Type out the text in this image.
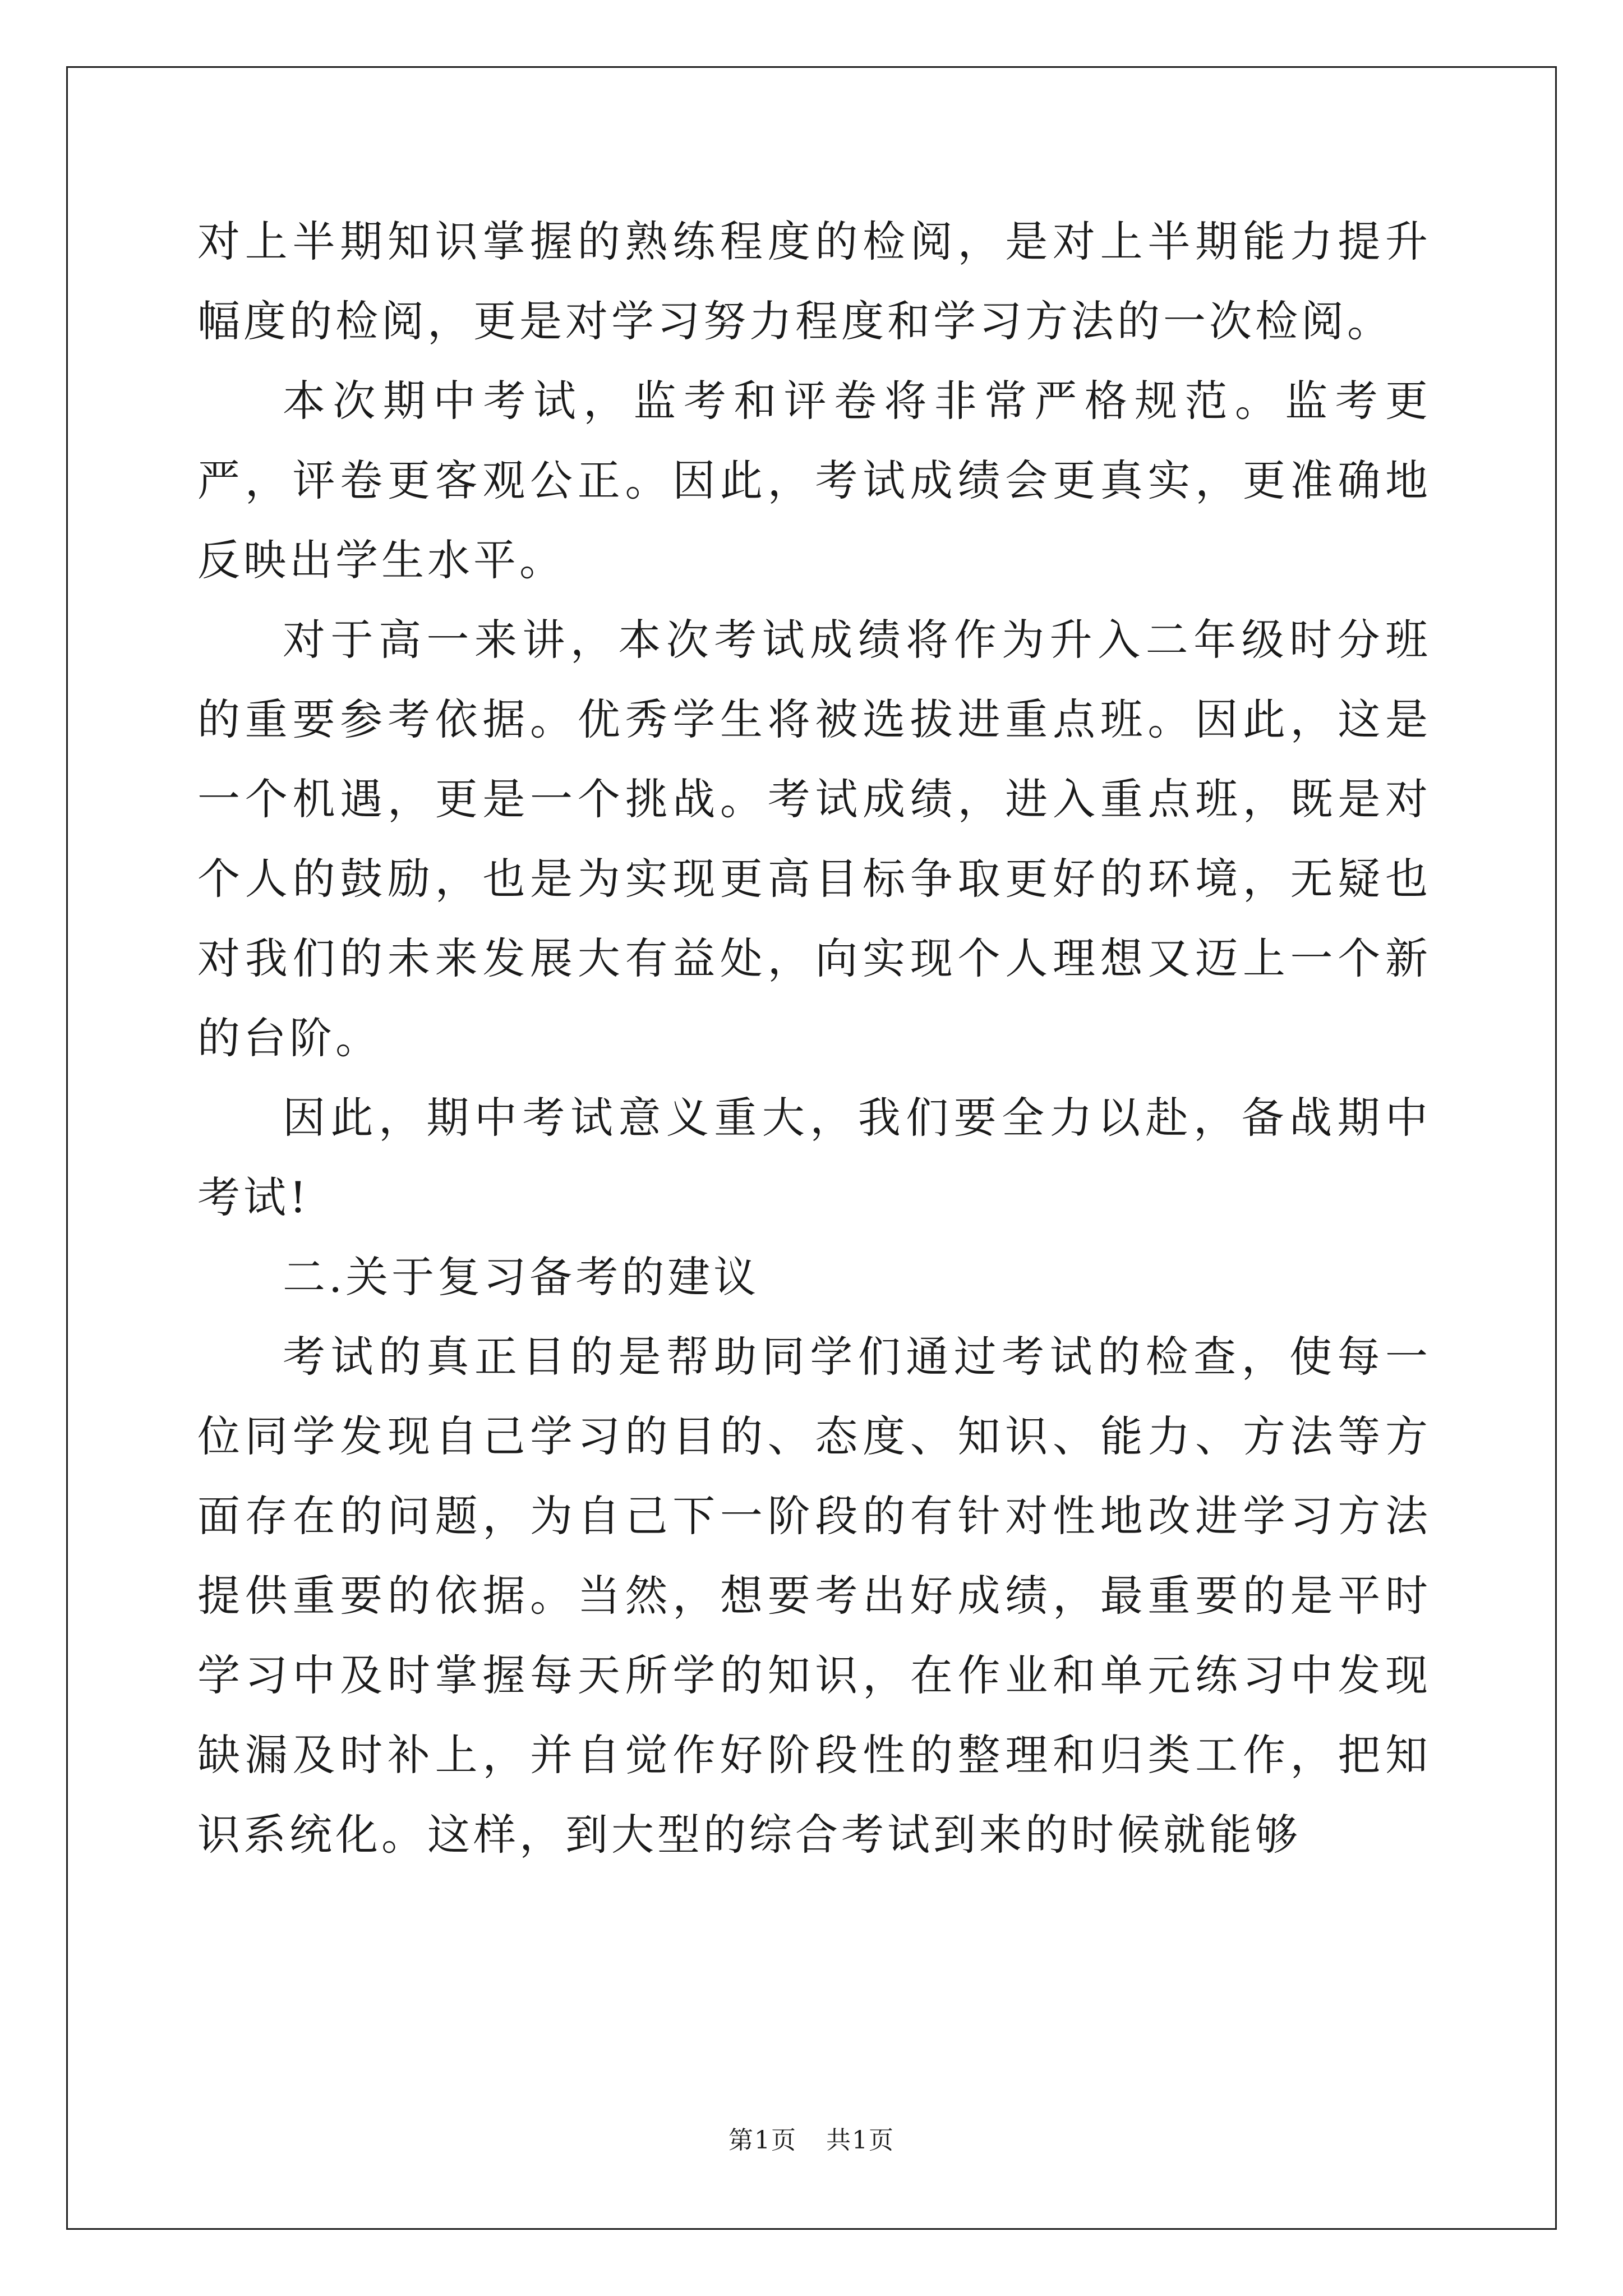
对上半期知识掌握的熟练程度的检阅，是对上半期能力提升幅度的检阅，更是对学习努力程度和学习方法的一次检阅。

本次期中考试，监考和评卷将非常严格规范。监考更严，评卷更客观公正。因此，考试成绩会更真实，更准确地反映出学生水平。

对于高一来讲，本次考试成绩将作为升入二年级时分班的重要参考依据。优秀学生将被选拔进重点班。因此，这是一个机遇，更是一个挑战。考试成绩，进入重点班，既是对个人的鼓励，也是为实现更高目标争取更好的环境，无疑也对我们的未来发展大有益处，向实现个人理想又迈上一个新的台阶。

因此，期中考试意义重大，我们要全力以赴，备战期中考试!

二.关于复习备考的建议

考试的真正目的是帮助同学们通过考试的检查，使每一位同学发现自己学习的目的、态度、知识、能力、方法等方面存在的问题，为自己下一阶段的有针对性地改进学习方法提供重要的依据。当然，想要考出好成绩，最重要的是平时学习中及时掌握每天所学的知识，在作业和单元练习中发现缺漏及时补上，并自觉作好阶段性的整理和归类工作，把知识系统化。这样，到大型的综合考试到来的时候就能够

第1页 共1页
